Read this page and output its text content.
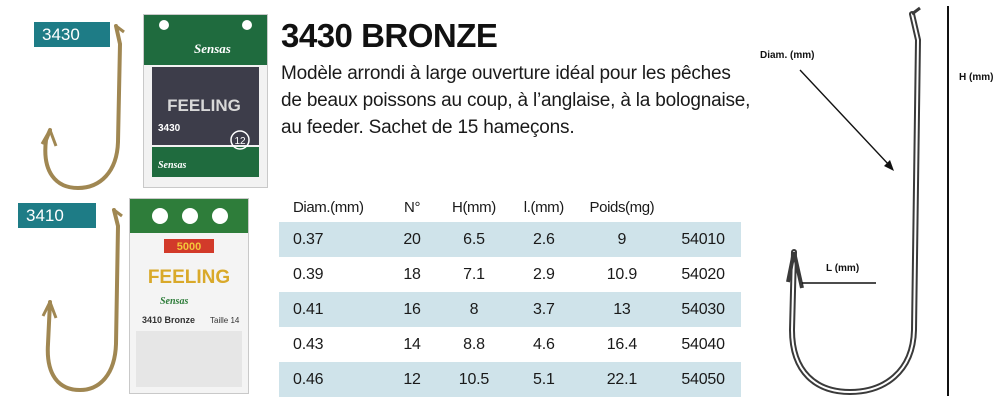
3430
3410
Sensas
FEELING
3430
12
Sensas
5000
FEELING
Sensas
3410 Bronze Taille 14
3430 BRONZE

Modèle arrondi à large ouverture idéal pour les pêches de beaux poissons au coup, à l’anglaise, à la bolognaise, au feeder. Sachet de 15 hameçons.

Diam.(mm)	N°	H(mm)	l.(mm)	Poids(mg)	
0.37	20	6.5	2.6	9	54010
0.39	18	7.1	2.9	10.9	54020
0.41	16	8	3.7	13	54030
0.43	14	8.8	4.6	16.4	54040
0.46	12	10.5	5.1	22.1	54050
Diam. (mm)
H (mm)
L (mm)
